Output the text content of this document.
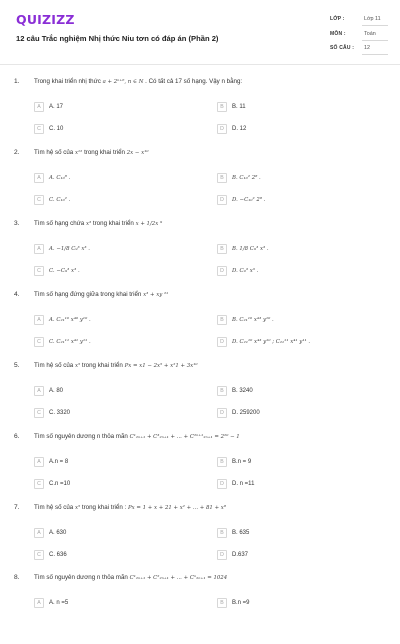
QUIZIZZ
12 câu Trắc nghiệm Nhị thức Niu tơn có đáp án (Phần 2)
LỚP :	Lớp 11
MÔN :	Toán
SỐ CÂU : 12
1. Trong khai triển nhị thức a + 2ⁿ⁺⁶, n ∈ N . Có tất cả 17 số hạng. Vậy n bằng:
A	A. 17	B	B. 11
C	C. 10	D	D. 12
2. Tìm hệ số của x¹² trong khai triển 2x − x¹⁰
A	A. C₁₀⁸ .	B	B. C₁₀² 2⁸ .
C	C. C₁₀² .	D	D. −C₁₀² 2⁸ .
3. Tìm số hạng chứa x³ trong khai triển x + 1/2x ⁹
A	A. −1/8 C₉³ x³ .	B	B. 1/8 C₉³ x³ .
C	C. −C₉³ x³ .	D	D. C₉³ x³ .
4. Tìm số hạng đứng giữa trong khai triển x³ + xy ²¹
A	A. C₂₁¹⁰ x⁴⁰ y¹⁰ .	B	B. C₂₁¹⁰ x⁴³ y¹⁰ .
C	C. C₂₁¹¹ x⁴¹ y¹¹ .	D	D. C₂₁¹⁰ x⁴³ y¹⁰ ; C₂₁¹¹ x⁴¹ y¹¹ .
5. Tìm hệ số của x⁵ trong khai triển Px = x1 − 2x⁵ + x²1 + 3x¹⁰
A	A. 80	B	B. 3240
C	C. 3320	D	D. 259200
6. Tìm số nguyên dương n thỏa mãn C¹₂ₙ₊₁ + C³₂ₙ₊₁ + ... + C²ⁿ⁺¹₂ₙ₊₁ = 2²⁰ − 1
A	A.n = 8	B	B.n = 9
C	C.n =10	D	D. n =11
7. Tìm hệ số của x⁵ trong khai triển : Px = 1 + x + 21 + x² + ... + 81 + x⁸
A	A. 630	B	B. 635
C	C. 636	D	D.637
8. Tìm số nguyên dương n thỏa mãn C¹₂ₙ₊₁ + C²₂ₙ₊₁ + ... + Cⁿ₂ₙ₊₁ = 1024
A	A. n =5	B	B.n =9
